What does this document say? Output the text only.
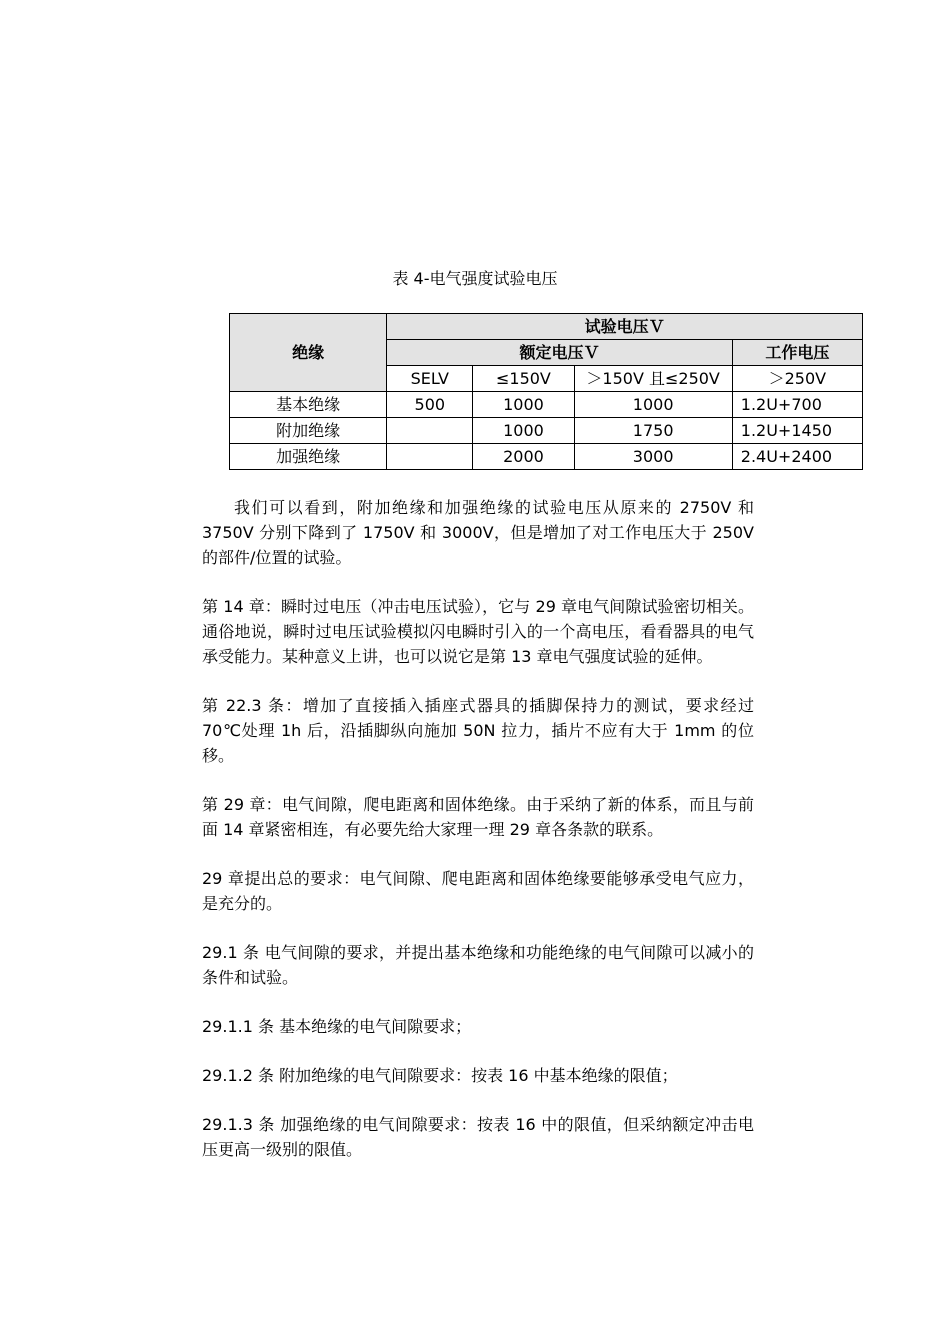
表 4-电气强度试验电压
绝缘	试验电压Ｖ			
	额定电压Ｖ			工作电压
	SELV	≤150V	＞150V 且≤250V	＞250V
基本绝缘	500	1000	1000	1.2U+700
附加绝缘		1000	1750	1.2U+1450
加强绝缘		2000	3000	2.4U+2400

我们可以看到，附加绝缘和加强绝缘的试验电压从原来的 2750V 和 3750V 分别下降到了 1750V 和 3000V，但是增加了对工作电压大于 250V 的部件/位置的试验。

第 14 章：瞬时过电压（冲击电压试验），它与 29 章电气间隙试验密切相关。通俗地说，瞬时过电压试验模拟闪电瞬时引入的一个高电压，看看器具的电气承受能力。某种意义上讲，也可以说它是第 13 章电气强度试验的延伸。

第 22.3 条：增加了直接插入插座式器具的插脚保持力的测试，要求经过 70℃处理 1h 后，沿插脚纵向施加 50N 拉力，插片不应有大于 1mm 的位移。

第 29 章：电气间隙，爬电距离和固体绝缘。由于采纳了新的体系，而且与前面 14 章紧密相连，有必要先给大家理一理 29 章各条款的联系。

29 章提出总的要求：电气间隙、爬电距离和固体绝缘要能够承受电气应力，是充分的。

29.1 条 电气间隙的要求，并提出基本绝缘和功能绝缘的电气间隙可以减小的条件和试验。

29.1.1 条 基本绝缘的电气间隙要求；

29.1.2 条 附加绝缘的电气间隙要求：按表 16 中基本绝缘的限值；

29.1.3 条 加强绝缘的电气间隙要求：按表 16 中的限值，但采纳额定冲击电压更高一级别的限值。
